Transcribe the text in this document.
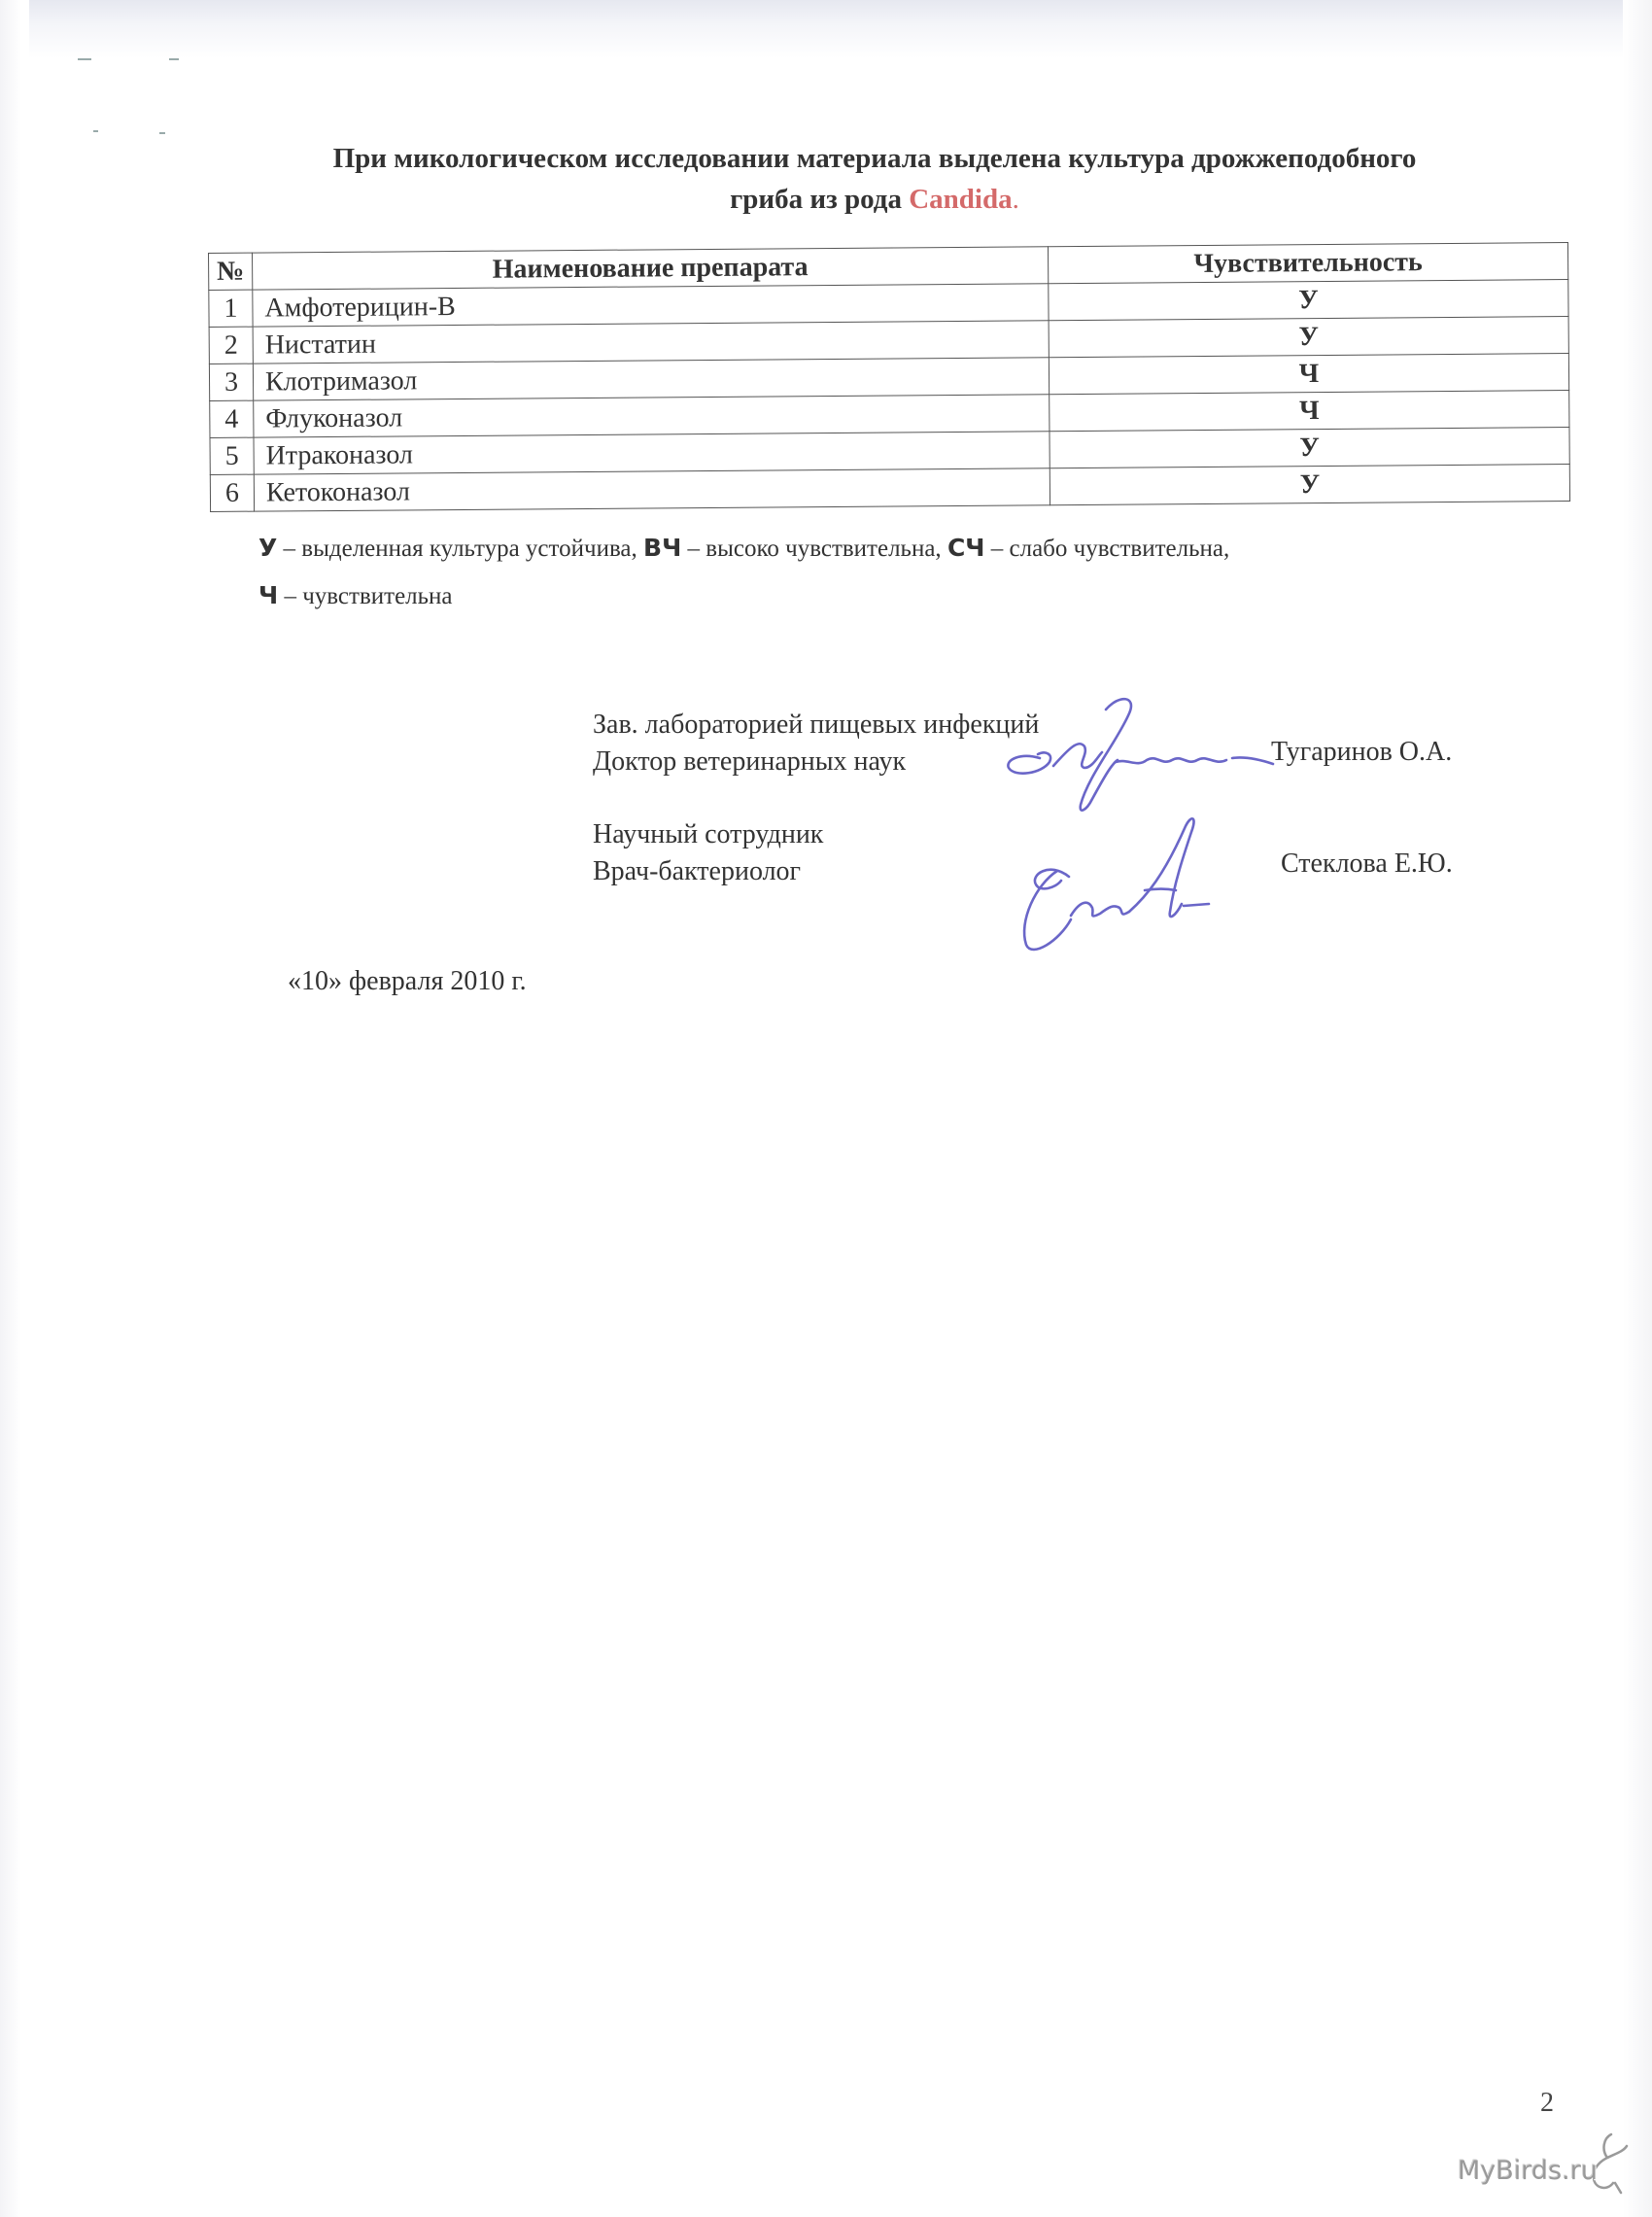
При микологическом исследовании материала выделена культура дрожжеподобного
гриба из рода Candida.
№	Наименование препарата	Чувствительность
1	Амфотерицин-В	У
2	Нистатин	У
3	Клотримазол	Ч
4	Флуконазол	Ч
5	Итраконазол	У
6	Кетоконазол	У
У – выделенная культура устойчива, ВЧ – высоко чувствительна, СЧ – слабо чувствительна,
Ч – чувствительна
Зав. лабораторией пищевых инфекций
Доктор ветеринарных наук	Тугаринов О.А.
Научный сотрудник
Врач-бактериолог	Стеклова Е.Ю.
«10» февраля 2010 г.
2
MyBirds.ru
